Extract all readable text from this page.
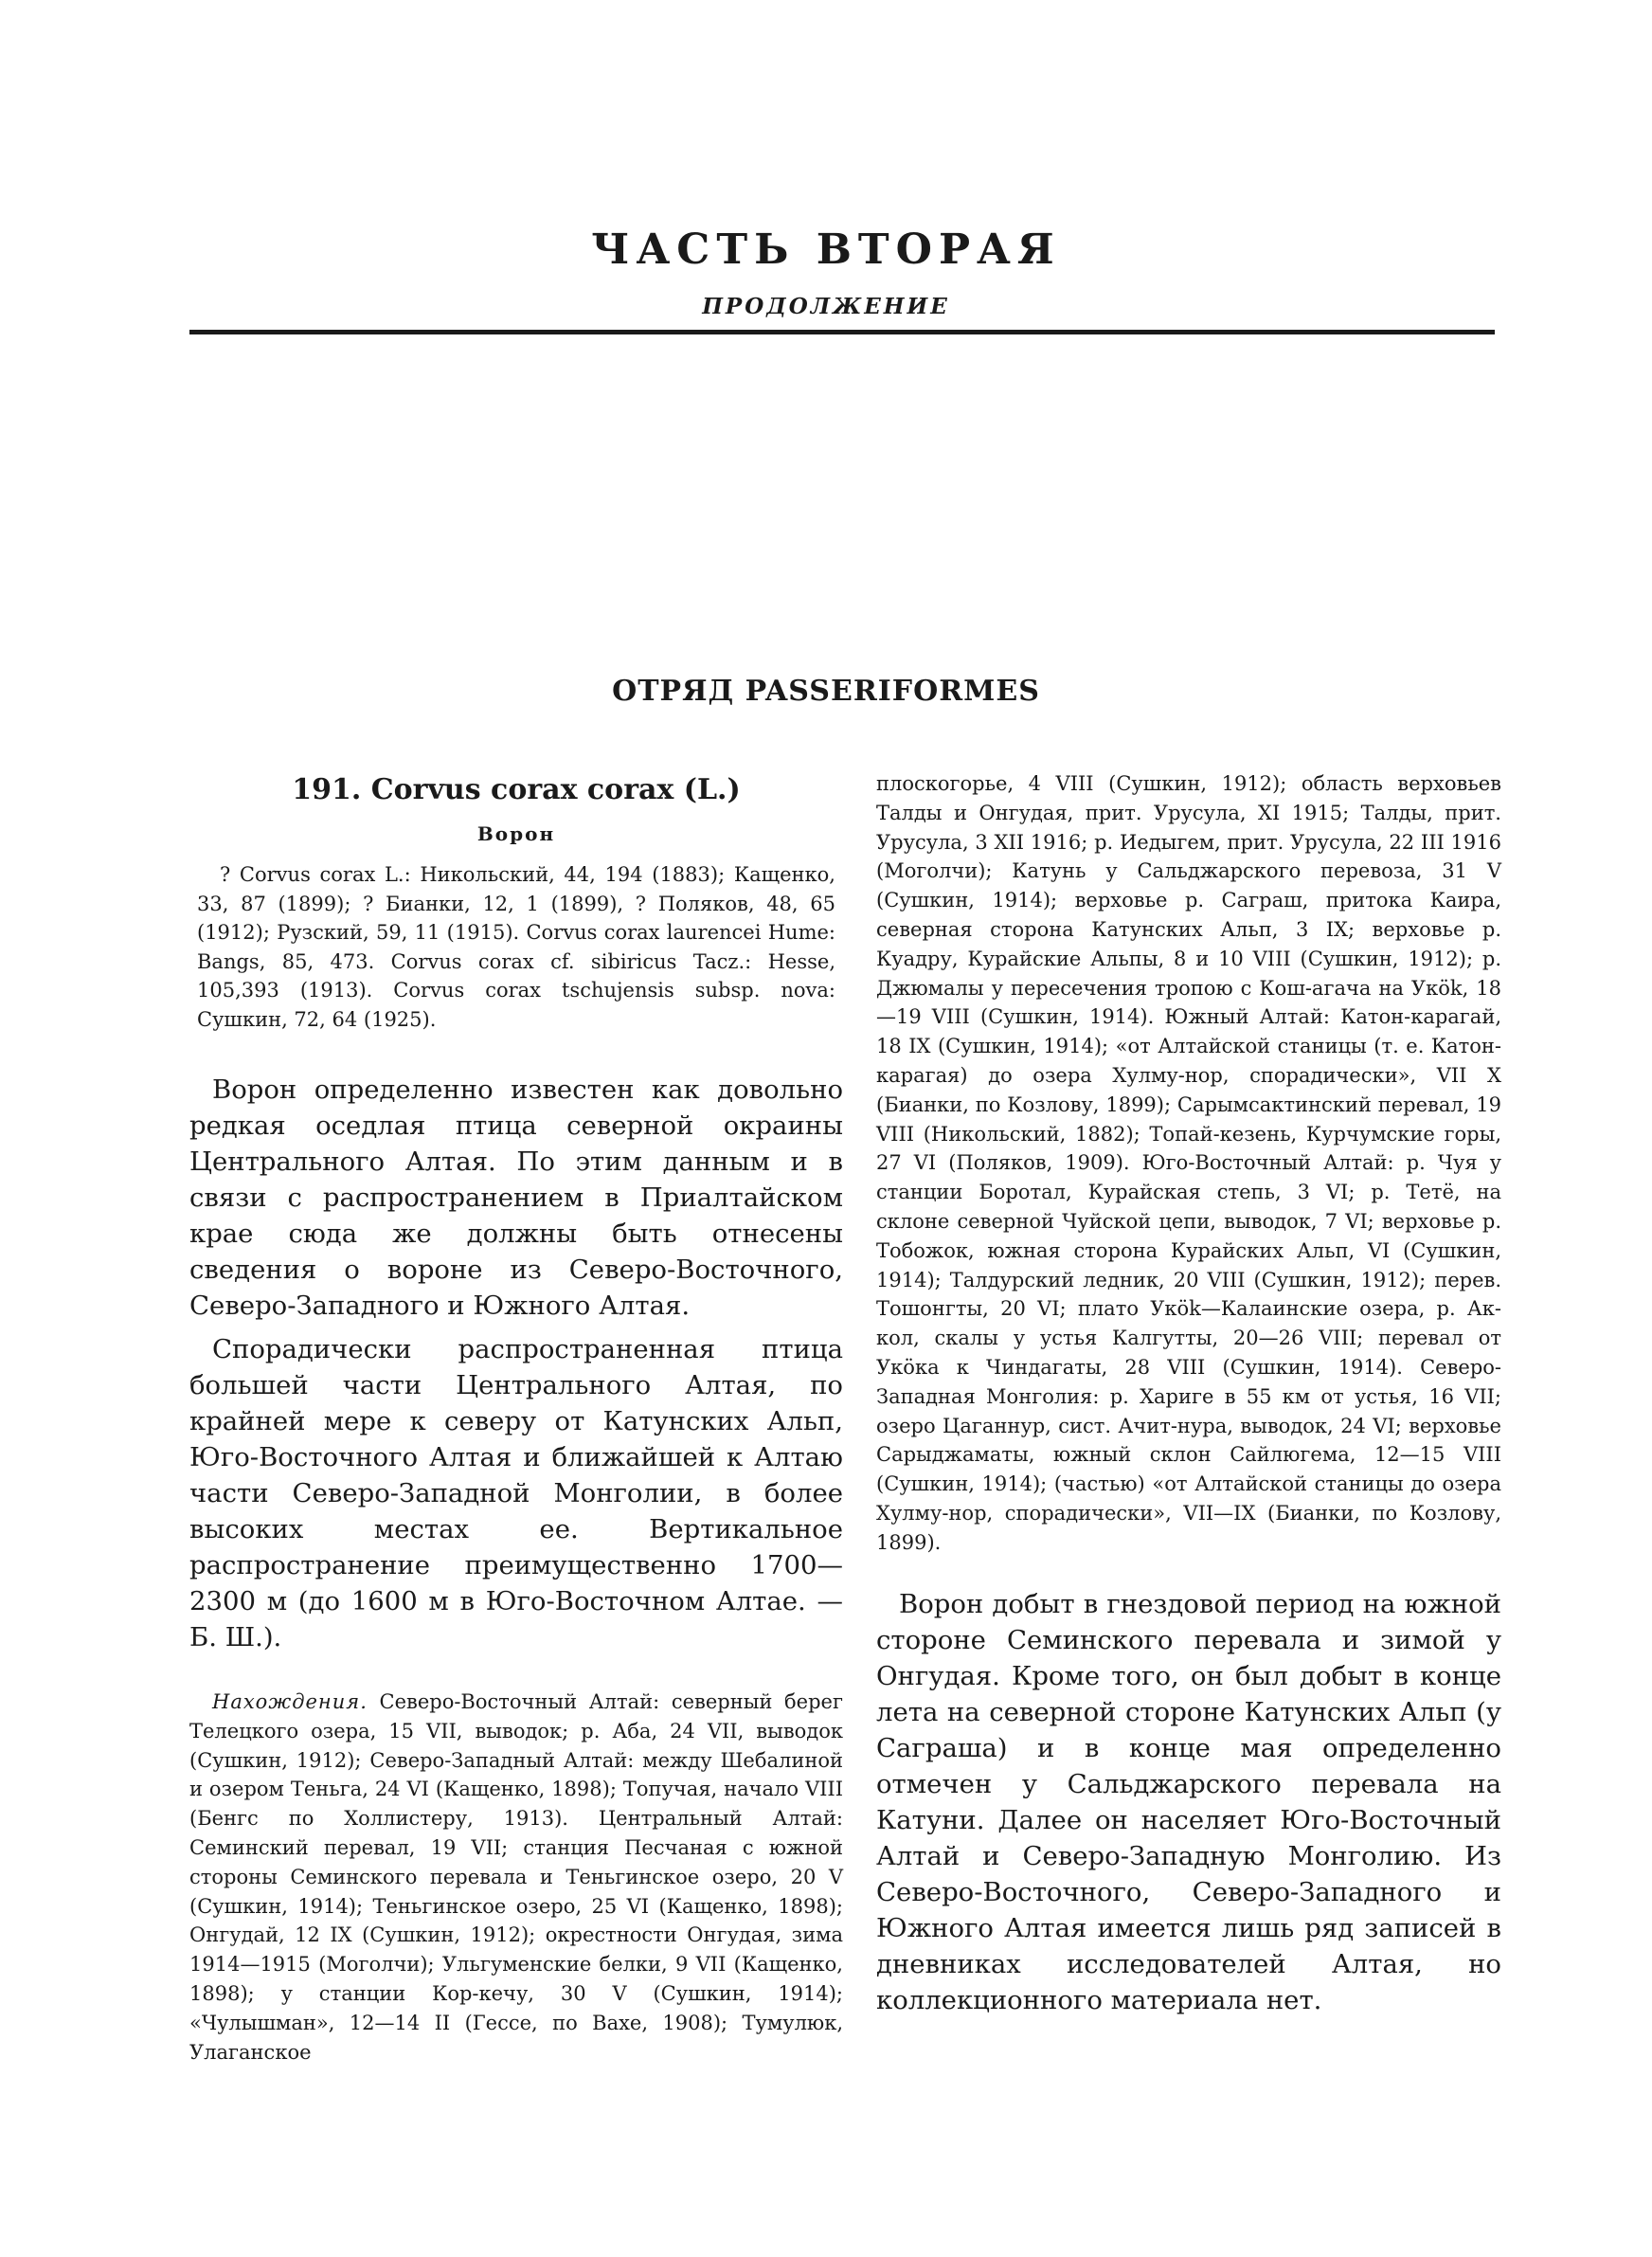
ЧАСТЬ ВТОРАЯ
ПРОДОЛЖЕНИЕ
ОТРЯД PASSERIFORMES
191. Corvus corax corax (L.)
Ворон

? Corvus corax L.: Никольский, 44, 194 (1883); Кащенко, 33, 87 (1899); ? Бианки, 12, 1 (1899), ? Поляков, 48, 65 (1912); Рузский, 59, 11 (1915). Corvus corax laurencei Hume: Bangs, 85, 473. Corvus corax cf. sibiricus Tacz.: Hesse, 105,393 (1913). Corvus corax tschujensis subsp. nova: Сушкин, 72, 64 (1925).

Ворон определенно известен как довольно редкая оседлая птица северной окраины Центрального Алтая. По этим данным и в связи с распространением в Приалтайском крае сюда же должны быть отнесены сведения о вороне из Северо-Восточного, Северо-Западного и Южного Алтая.

Спорадически распространенная птица большей части Центрального Алтая, по крайней мере к северу от Катунских Альп, Юго-Восточного Алтая и ближайшей к Алтаю части Северо-Западной Монголии, в более высоких местах ее. Вертикальное распространение преимущественно 1700—2300 м (до 1600 м в Юго-Восточном Алтае. — Б. Ш.).

Нахождения. Северо-Восточный Алтай: северный берег Телецкого озера, 15 VII, выводок; р. Аба, 24 VII, выводок (Сушкин, 1912); Северо-Западный Алтай: между Шебалиной и озером Теньга, 24 VI (Кащенко, 1898); Топучая, начало VIII (Бенгс по Холлистеру, 1913). Центральный Алтай: Семинский перевал, 19 VII; станция Песчаная с южной стороны Семинского перевала и Теньгинское озеро, 20 V (Сушкин, 1914); Теньгинское озеро, 25 VI (Кащенко, 1898); Онгудай, 12 IX (Сушкин, 1912); окрестности Онгудая, зима 1914—1915 (Моголчи); Ульгуменские белки, 9 VII (Кащенко, 1898); у станции Кор-кечу, 30 V (Сушкин, 1914); «Чулышман», 12—14 II (Гессе, по Вахе, 1908); Тумулюк, Улаганское

плоскогорье, 4 VIII (Сушкин, 1912); область верховьев Талды и Онгудая, прит. Урусула, XI 1915; Талды, прит. Урусула, 3 XII 1916; р. Иедыгем, прит. Урусула, 22 III 1916 (Моголчи); Катунь у Сальджарского перевоза, 31 V (Сушкин, 1914); верховье р. Саграш, притока Каира, северная сторона Катунских Альп, 3 IX; верховье р. Куадру, Курайские Альпы, 8 и 10 VIII (Сушкин, 1912); р. Джюмалы у пересечения тропою с Кош-агача на Укök, 18—19 VIII (Сушкин, 1914). Южный Алтай: Катон-карагай, 18 IX (Сушкин, 1914); «от Алтайской станицы (т. е. Катон-карагая) до озера Хулму-нор, спорадически», VII X (Бианки, по Козлову, 1899); Сарымсактинский перевал, 19 VIII (Никольский, 1882); Топай-кезень, Курчумские горы, 27 VI (Поляков, 1909). Юго-Восточный Алтай: р. Чуя у станции Боротал, Курайская степь, 3 VI; р. Тетё, на склоне северной Чуйской цепи, выводок, 7 VI; верховье р. Тобожок, южная сторона Курайских Альп, VI (Сушкин, 1914); Талдурский ледник, 20 VIII (Сушкин, 1912); перев. Тошонгты, 20 VI; плато Укök—Калаинские озера, р. Ак-кол, скалы у устья Калгутты, 20—26 VIII; перевал от Укöка к Чиндагаты, 28 VIII (Сушкин, 1914). Северо-Западная Монголия: р. Харигe в 55 км от устья, 16 VII; озеро Цаганнур, сист. Ачит-нура, выводок, 24 VI; верховье Сарыджаматы, южный склон Сайлюгема, 12—15 VIII (Сушкин, 1914); (частью) «от Алтайской станицы до озера Хулму-нор, спорадически», VII—IX (Бианки, по Козлову, 1899).

Ворон добыт в гнездовой период на южной стороне Семинского перевала и зимой у Онгудая. Кроме того, он был добыт в конце лета на северной стороне Катунских Альп (у Саграша) и в конце мая определенно отмечен у Сальджарского перевала на Катуни. Далее он населяет Юго-Восточный Алтай и Северо-Западную Монголию. Из Северо-Восточного, Северо-Западного и Южного Алтая имеется лишь ряд записей в дневниках исследователей Алтая, но коллекционного материала нет.
